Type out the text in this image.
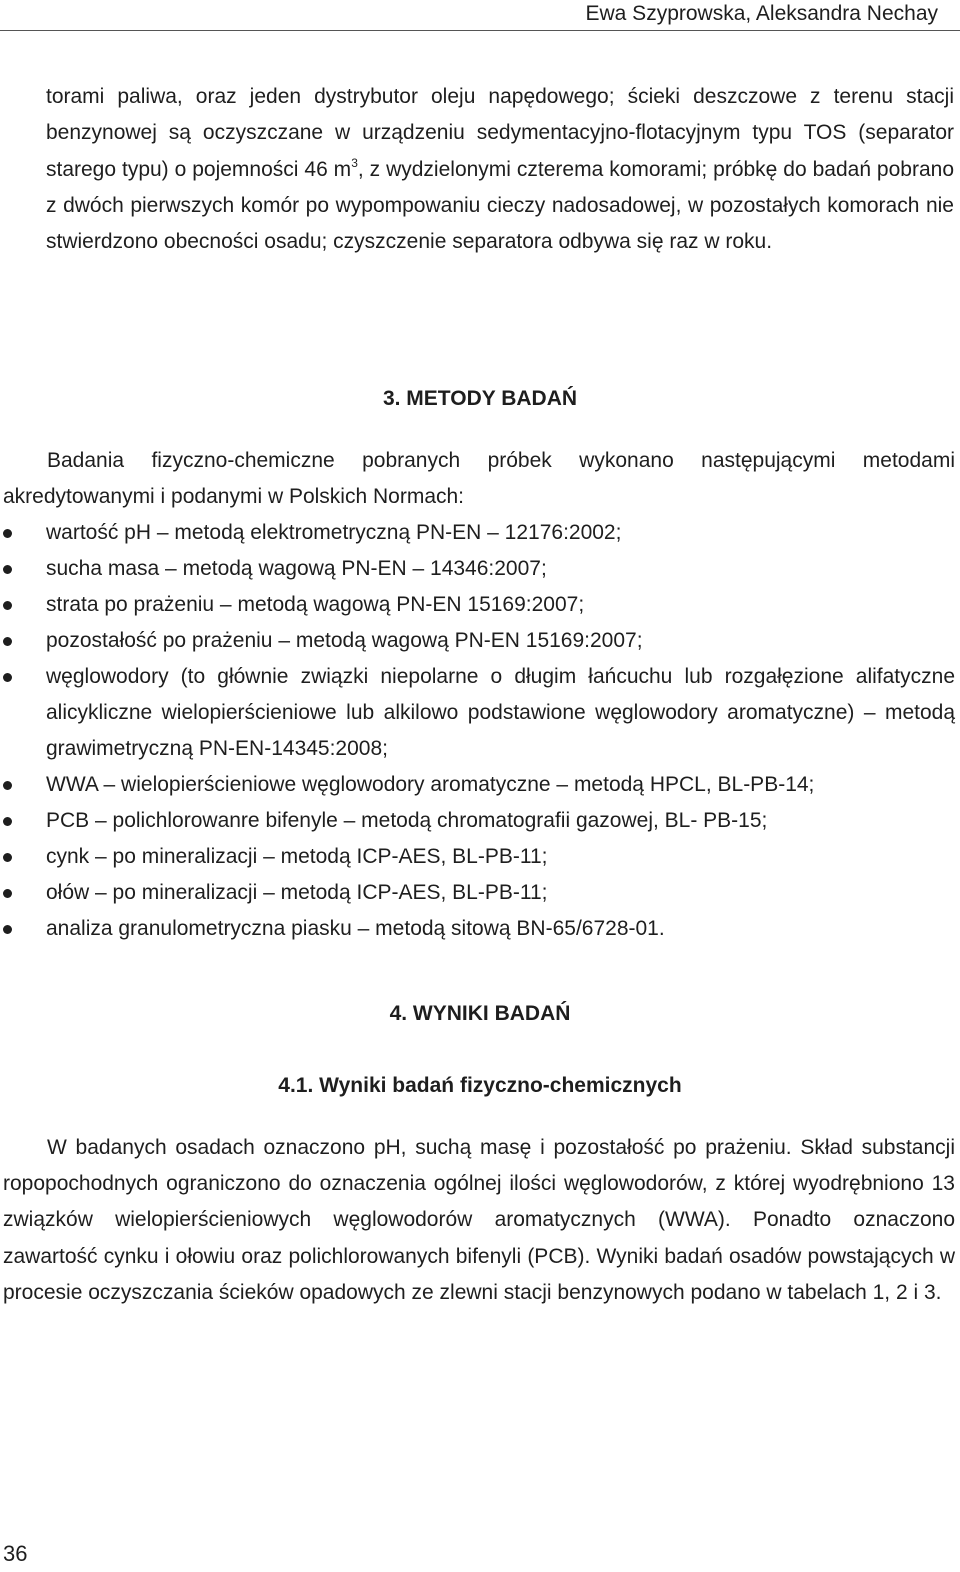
Ewa Szyprowska, Aleksandra Nechay

torami paliwa, oraz jeden dystrybutor oleju napędowego; ścieki deszczowe z terenu stacji benzynowej są oczyszczane w urządzeniu sedymentacyjno-flotacyjnym typu TOS (separator starego typu) o pojemności 46 $m^3$, z wydzielonymi czterema komorami; próbkę do badań pobrano z dwóch pierwszych komór po wypompowaniu cieczy nadosadowej, w pozostałych komorach nie stwierdzono obecności osadu; czyszczenie separatora odbywa się raz w roku.

3. METODY BADAŃ

Badania fizyczno-chemiczne pobranych próbek wykonano następującymi metodami akredytowanymi i podanymi w Polskich Normach:

wartość pH – metodą elektrometryczną PN-EN – 12176:2002;
sucha masa – metodą wagową PN-EN – 14346:2007;
strata po prażeniu – metodą wagową PN-EN 15169:2007;
pozostałość po prażeniu – metodą wagową PN-EN 15169:2007;
węglowodory (to głównie związki niepolarne o długim łańcuchu lub rozgałęzione alifatyczne alicykliczne wielopierścieniowe lub alkilowo podstawione węglowodory aromatyczne) – metodą grawimetryczną PN-EN-14345:2008;
WWA – wielopierścieniowe węglowodory aromatyczne – metodą HPCL, BL-PB-14;
PCB – polichlorowanre bifenyle – metodą chromatografii gazowej, BL- PB-15;
cynk – po mineralizacji – metodą ICP-AES, BL-PB-11;
ołów – po mineralizacji – metodą ICP-AES, BL-PB-11;
analiza granulometryczna piasku – metodą sitową BN-65/6728-01.
4. WYNIKI BADAŃ
4.1. Wyniki badań fizyczno-chemicznych

W badanych osadach oznaczono pH, suchą masę i pozostałość po prażeniu. Skład substancji ropopochodnych ograniczono do oznaczenia ogólnej ilości węglowodorów, z której wyodrębniono 13 związków wielopierścieniowych węglowodorów aromatycznych (WWA). Ponadto oznaczono zawartość cynku i ołowiu oraz polichlorowanych bifenyli (PCB). Wyniki badań osadów powstających w procesie oczyszczania ścieków opadowych ze zlewni stacji benzynowych podano w tabelach 1, 2 i 3.

36
